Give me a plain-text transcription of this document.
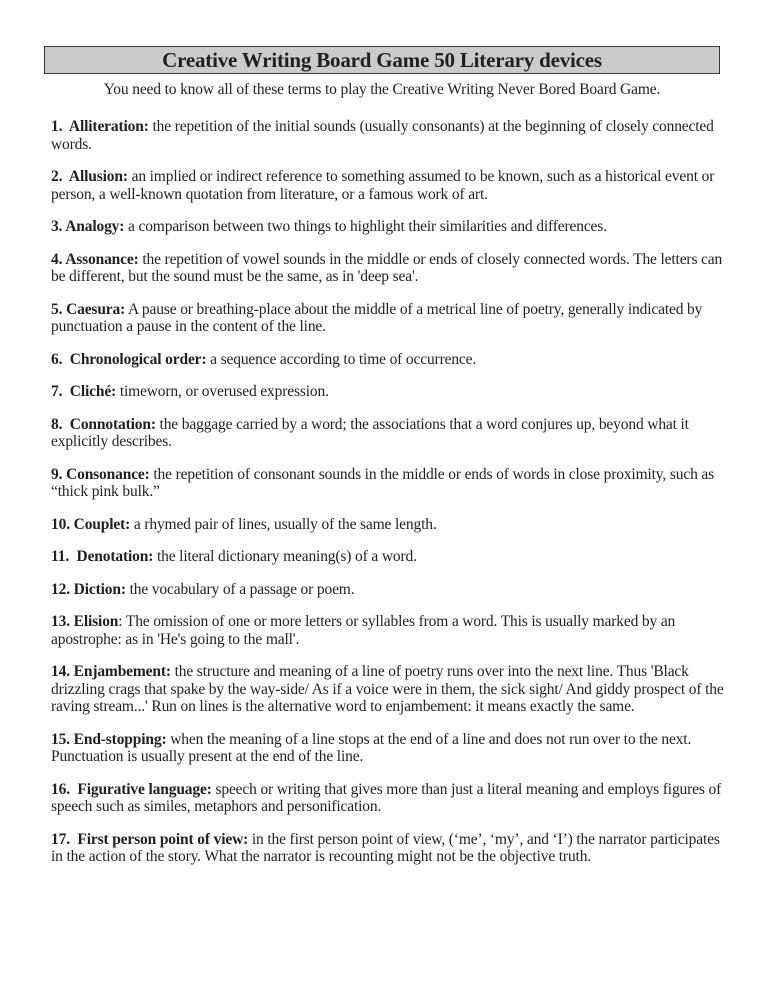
Creative Writing Board Game 50 Literary devices

You need to know all of these terms to play the Creative Writing Never Bored Board Game.

1.  Alliteration: the repetition of the initial sounds (usually consonants) at the beginning of closely connected words.

2.  Allusion: an implied or indirect reference to something assumed to be known, such as a historical event or person, a well-known quotation from literature, or a famous work of art.

3. Analogy: a comparison between two things to highlight their similarities and differences.

4. Assonance: the repetition of vowel sounds in the middle or ends of closely connected words. The letters can be different, but the sound must be the same, as in 'deep sea'.

5. Caesura: A pause or breathing-place about the middle of a metrical line of poetry, generally indicated by punctuation a pause in the content of the line.

6.  Chronological order: a sequence according to time of occurrence.

7.  Cliché: timeworn, or overused expression.

8.  Connotation: the baggage carried by a word; the associations that a word conjures up, beyond what it explicitly describes.

9. Consonance: the repetition of consonant sounds in the middle or ends of words in close proximity, such as “thick pink bulk.”

10. Couplet: a rhymed pair of lines, usually of the same length.

11.  Denotation: the literal dictionary meaning(s) of a word.

12. Diction: the vocabulary of a passage or poem.

13. Elision: The omission of one or more letters or syllables from a word. This is usually marked by an apostrophe: as in 'He's going to the mall'.

14. Enjambement: the structure and meaning of a line of poetry runs over into the next line. Thus 'Black drizzling crags that spake by the way-side/ As if a voice were in them, the sick sight/ And giddy prospect of the raving stream...' Run on lines is the alternative word to enjambement: it means exactly the same.

15. End-stopping: when the meaning of a line stops at the end of a line and does not run over to the next. Punctuation is usually present at the end of the line.

16.  Figurative language: speech or writing that gives more than just a literal meaning and employs figures of speech such as similes, metaphors and personification.

17.  First person point of view: in the first person point of view, (‘me’, ‘my’, and ‘I’) the narrator participates in the action of the story. What the narrator is recounting might not be the objective truth.
